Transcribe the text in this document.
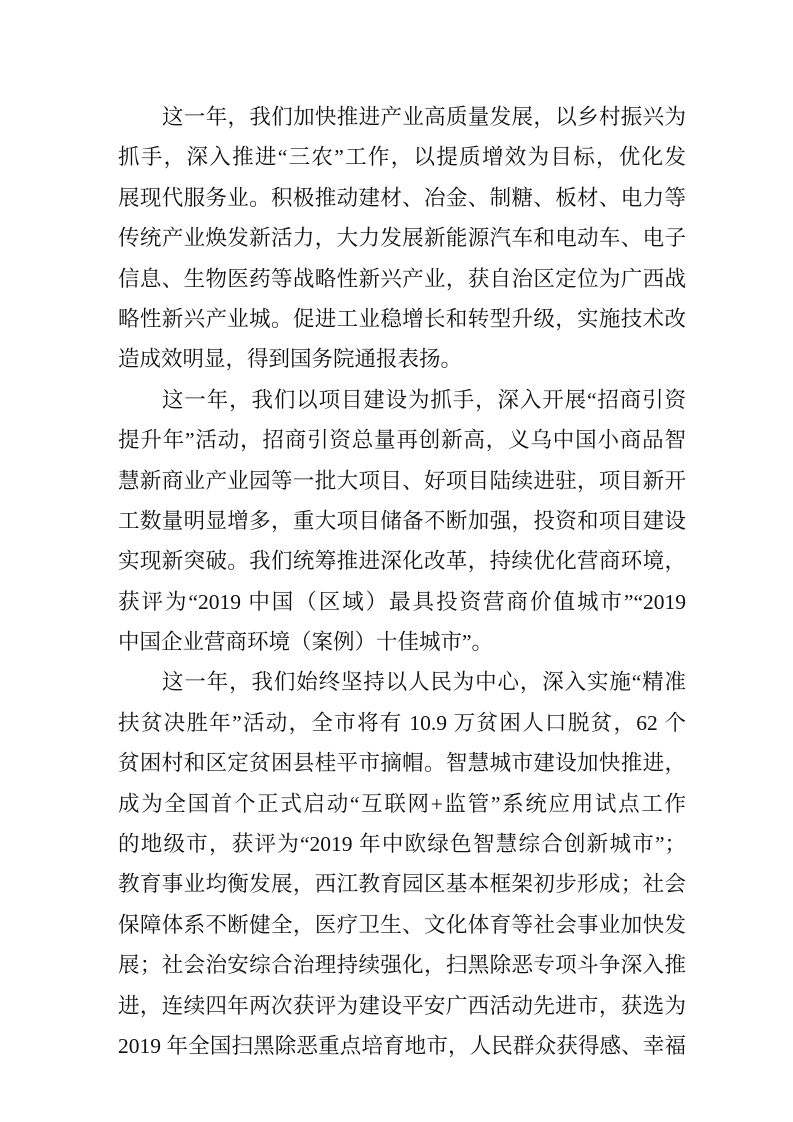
这一年，我们加快推进产业高质量发展，以乡村振兴为
抓手，深入推进“三农”工作，以提质增效为目标，优化发
展现代服务业。积极推动建材、冶金、制糖、板材、电力等
传统产业焕发新活力，大力发展新能源汽车和电动车、电子
信息、生物医药等战略性新兴产业，获自治区定位为广西战
略性新兴产业城。促进工业稳增长和转型升级，实施技术改
造成效明显，得到国务院通报表扬。
这一年，我们以项目建设为抓手，深入开展“招商引资
提升年”活动，招商引资总量再创新高，义乌中国小商品智
慧新商业产业园等一批大项目、好项目陆续进驻，项目新开
工数量明显增多，重大项目储备不断加强，投资和项目建设
实现新突破。我们统筹推进深化改革，持续优化营商环境，
获评为“2019 中国（区域）最具投资营商价值城市”“2019
中国企业营商环境（案例）十佳城市”。
这一年，我们始终坚持以人民为中心，深入实施“精准
扶贫决胜年”活动，全市将有 10.9 万贫困人口脱贫，62 个
贫困村和区定贫困县桂平市摘帽。智慧城市建设加快推进，
成为全国首个正式启动“互联网+监管”系统应用试点工作
的地级市，获评为“2019 年中欧绿色智慧综合创新城市”；
教育事业均衡发展，西江教育园区基本框架初步形成；社会
保障体系不断健全，医疗卫生、文化体育等社会事业加快发
展；社会治安综合治理持续强化，扫黑除恶专项斗争深入推
进，连续四年两次获评为建设平安广西活动先进市，获选为
2019 年全国扫黑除恶重点培育地市，人民群众获得感、幸福
